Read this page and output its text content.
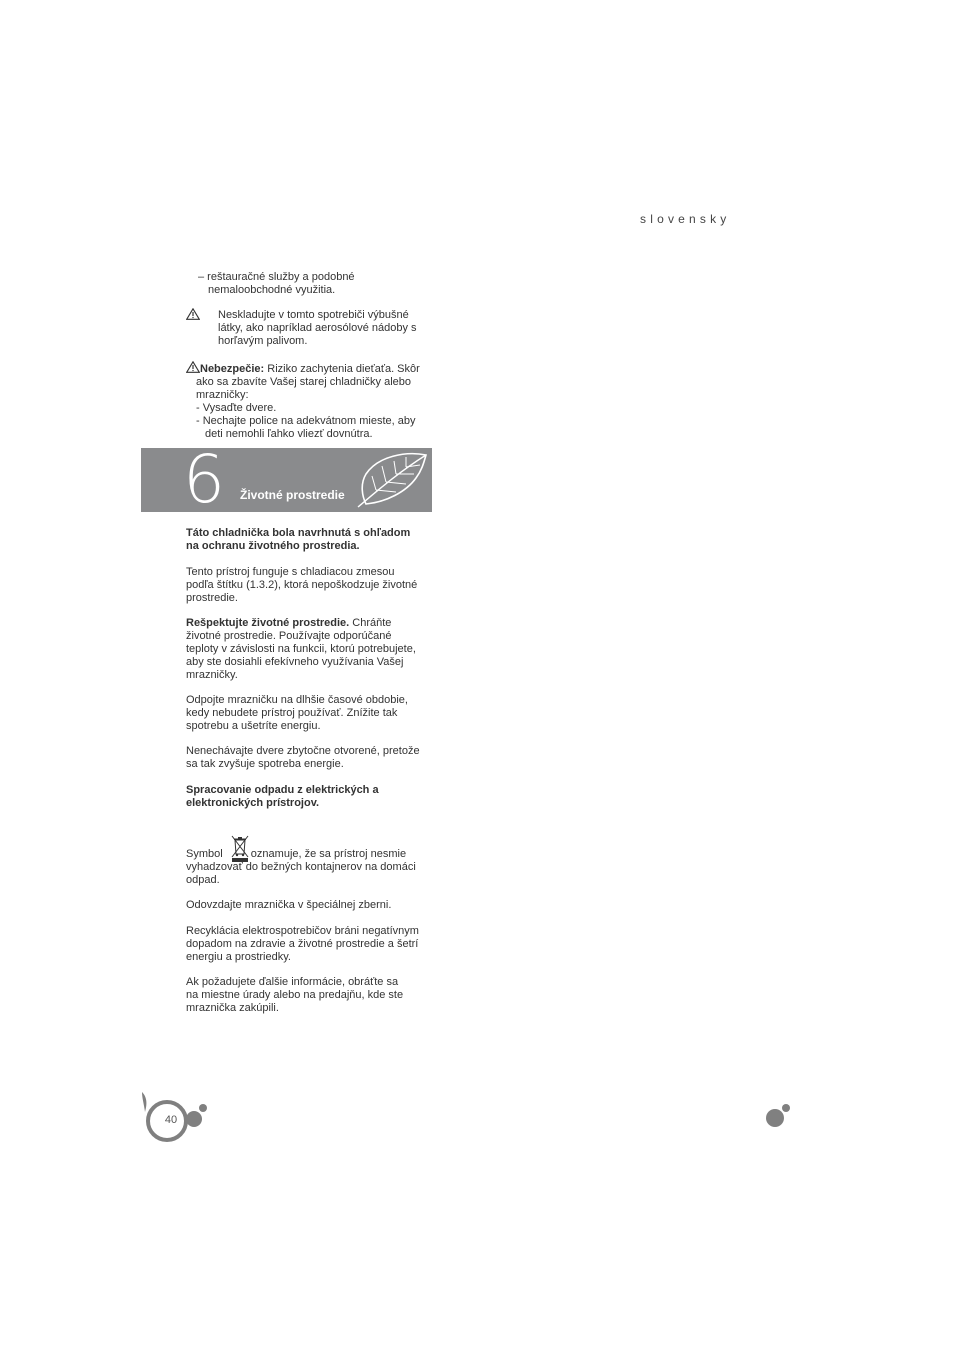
slovensky
– reštauračné služby a podobné
nemaloobchodné využitia.
Neskladujte v tomto spotrebiči výbušné
látky, ako napríklad aerosólové nádoby s
horľavým palivom.
Nebezpečie: Riziko zachytenia dieťaťa. Skôr
ako sa zbavíte Vašej starej chladničky alebo
mrazničky:
- Vysaďte dvere.
- Nechajte police na adekvátnom mieste, aby
deti nemohli ľahko vliezť dovnútra.
6 Životné prostredie
Táto chladnička bola navrhnutá s ohľadom
na ochranu životného prostredia.
Tento prístroj funguje s chladiacou zmesou
podľa štítku (1.3.2), ktorá nepoškodzuje životné
prostredie.
Rešpektujte životné prostredie. Chráňte
životné prostredie. Používajte odporúčané
teploty v závislosti na funkcii, ktorú potrebujete,
aby ste dosiahli efekívneho využívania Vašej
mrazničky.
Odpojte mrazničku na dlhšie časové obdobie,
kedy nebudete prístroj používať. Znížite tak
spotrebu a ušetríte energiu.
Nenechávajte dvere zbytočne otvorené, pretože
sa tak zvyšuje spotreba energie.
Spracovanie odpadu z elektrických a
elektronických prístrojov.
Symbol  oznamuje, že sa prístroj nesmie
vyhadzovať do bežných kontajnerov na domáci
odpad.
Odovzdajte mraznička v špeciálnej zberni.
Recyklácia elektrospotrebičov bráni negatívnym
dopadom na zdravie a životné prostredie a šetrí
energiu a prostriedky.
Ak požadujete ďalšie informácie, obráťte sa
na miestne úrady alebo na predajňu, kde ste
mraznička zakúpili.
40
